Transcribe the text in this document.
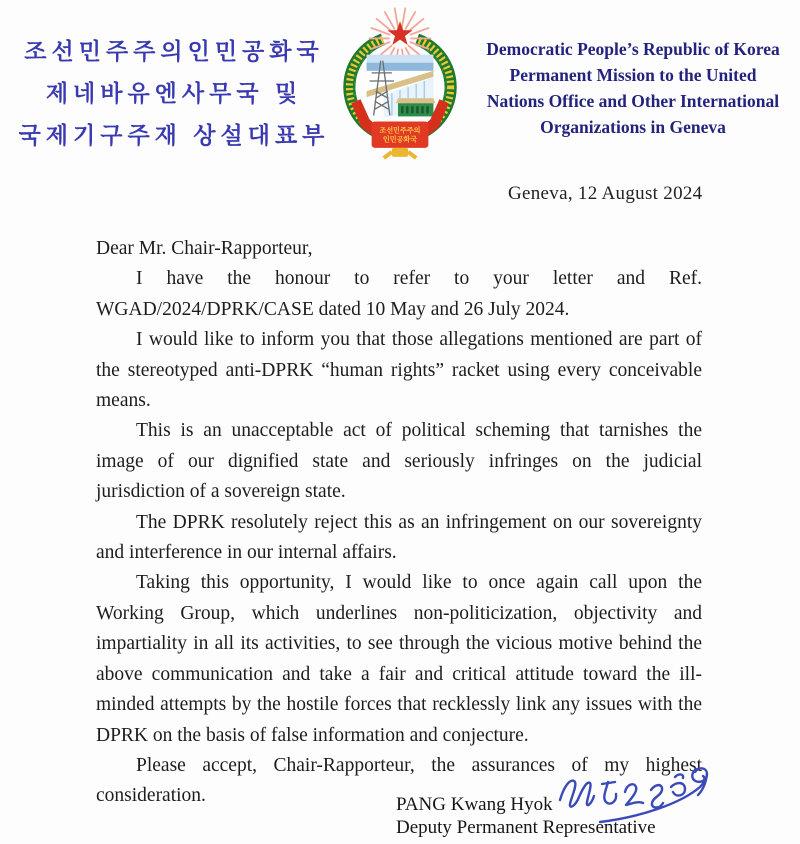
조선민주주의인민공화국
제네바유엔사무국 및
국제기구주재 상설대표부	조선민주주의
인민공화국
Democratic People’s Republic of Korea
Permanent Mission to the United
Nations Office and Other International
Organizations in Geneva
Geneva, 12 August 2024

Dear Mr. Chair-Rapporteur,

I have the honour to refer to your letter and Ref. WGAD/2024/DPRK/CASE dated 10 May and 26 July 2024.

I would like to inform you that those allegations mentioned are part of the stereotyped anti-DPRK “human rights” racket using every conceivable means.

This is an unacceptable act of political scheming that tarnishes the image of our dignified state and seriously infringes on the judicial jurisdiction of a sovereign state.

The DPRK resolutely reject this as an infringement on our sovereignty and interference in our internal affairs.

Taking this opportunity, I would like to once again call upon the Working Group, which underlines non-politicization, objectivity and impartiality in all its activities, to see through the vicious motive behind the above communication and take a fair and critical attitude toward the ill-minded attempts by the hostile forces that recklessly link any issues with the DPRK on the basis of false information and conjecture.

Please accept, Chair-Rapporteur, the assurances of my highest consideration.	PANG Kwang Hyok
Deputy Permanent Representative
